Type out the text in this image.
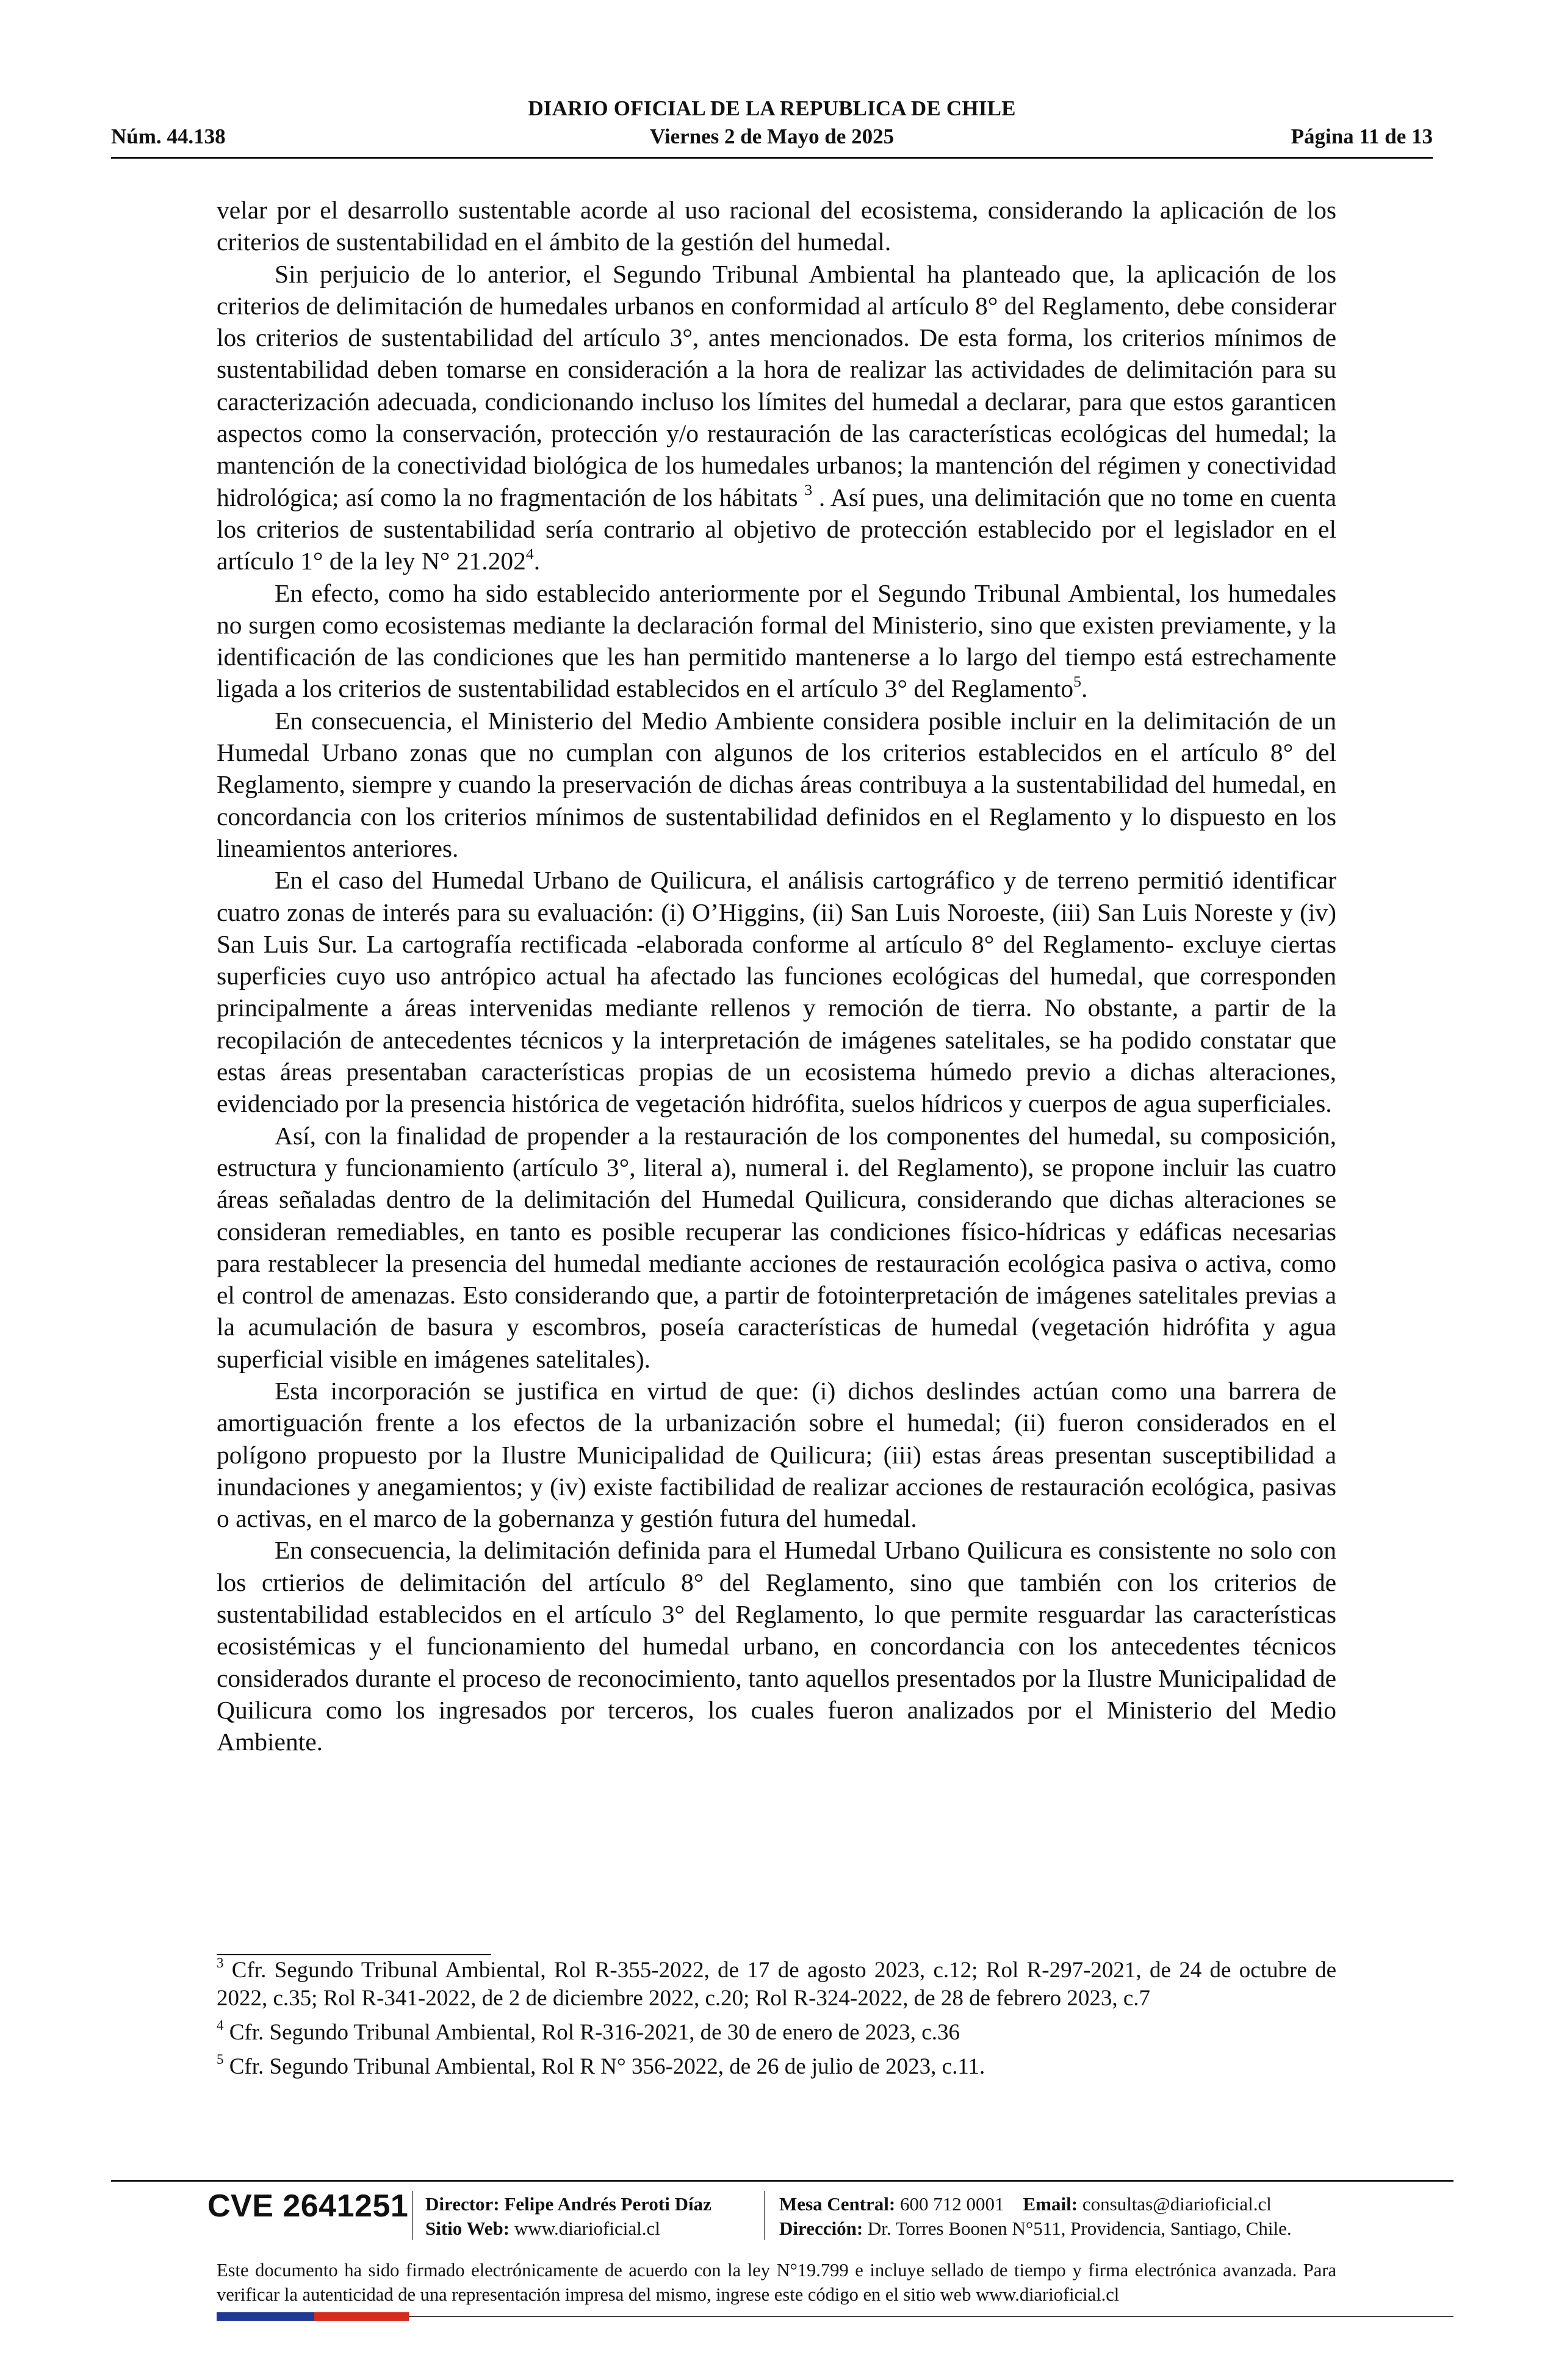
DIARIO OFICIAL DE LA REPUBLICA DE CHILE
Núm. 44.138	Viernes 2 de Mayo de 2025	Página 11 de 13

velar por el desarrollo sustentable acorde al uso racional del ecosistema, considerando la aplicación de los criterios de sustentabilidad en el ámbito de la gestión del humedal.

Sin perjuicio de lo anterior, el Segundo Tribunal Ambiental ha planteado que, la aplicación de los criterios de delimitación de humedales urbanos en conformidad al artículo 8° del Reglamento, debe considerar los criterios de sustentabilidad del artículo 3°, antes mencionados. De esta forma, los criterios mínimos de sustentabilidad deben tomarse en consideración a la hora de realizar las actividades de delimitación para su caracterización adecuada, condicionando incluso los límites del humedal a declarar, para que estos garanticen aspectos como la conservación, protección y/o restauración de las características ecológicas del humedal; la mantención de la conectividad biológica de los humedales urbanos; la mantención del régimen y conectividad hidrológica; así como la no fragmentación de los hábitats $^3$ . Así pues, una delimitación que no tome en cuenta los criterios de sustentabilidad sería contrario al objetivo de protección establecido por el legislador en el artículo 1° de la ley N° 21.202$^4$.

En efecto, como ha sido establecido anteriormente por el Segundo Tribunal Ambiental, los humedales no surgen como ecosistemas mediante la declaración formal del Ministerio, sino que existen previamente, y la identificación de las condiciones que les han permitido mantenerse a lo largo del tiempo está estrechamente ligada a los criterios de sustentabilidad establecidos en el artículo 3° del Reglamento$^5$.

En consecuencia, el Ministerio del Medio Ambiente considera posible incluir en la delimitación de un Humedal Urbano zonas que no cumplan con algunos de los criterios establecidos en el artículo 8° del Reglamento, siempre y cuando la preservación de dichas áreas contribuya a la sustentabilidad del humedal, en concordancia con los criterios mínimos de sustentabilidad definidos en el Reglamento y lo dispuesto en los lineamientos anteriores.

En el caso del Humedal Urbano de Quilicura, el análisis cartográfico y de terreno permitió identificar cuatro zonas de interés para su evaluación: (i) O’Higgins, (ii) San Luis Noroeste, (iii) San Luis Noreste y (iv) San Luis Sur. La cartografía rectificada -elaborada conforme al artículo 8° del Reglamento- excluye ciertas superficies cuyo uso antrópico actual ha afectado las funciones ecológicas del humedal, que corresponden principalmente a áreas intervenidas mediante rellenos y remoción de tierra. No obstante, a partir de la recopilación de antecedentes técnicos y la interpretación de imágenes satelitales, se ha podido constatar que estas áreas presentaban características propias de un ecosistema húmedo previo a dichas alteraciones, evidenciado por la presencia histórica de vegetación hidrófita, suelos hídricos y cuerpos de agua superficiales.

Así, con la finalidad de propender a la restauración de los componentes del humedal, su composición, estructura y funcionamiento (artículo 3°, literal a), numeral i. del Reglamento), se propone incluir las cuatro áreas señaladas dentro de la delimitación del Humedal Quilicura, considerando que dichas alteraciones se consideran remediables, en tanto es posible recuperar las condiciones físico-hídricas y edáficas necesarias para restablecer la presencia del humedal mediante acciones de restauración ecológica pasiva o activa, como el control de amenazas. Esto considerando que, a partir de fotointerpretación de imágenes satelitales previas a la acumulación de basura y escombros, poseía características de humedal (vegetación hidrófita y agua superficial visible en imágenes satelitales).

Esta incorporación se justifica en virtud de que: (i) dichos deslindes actúan como una barrera de amortiguación frente a los efectos de la urbanización sobre el humedal; (ii) fueron considerados en el polígono propuesto por la Ilustre Municipalidad de Quilicura; (iii) estas áreas presentan susceptibilidad a inundaciones y anegamientos; y (iv) existe factibilidad de realizar acciones de restauración ecológica, pasivas o activas, en el marco de la gobernanza y gestión futura del humedal.

En consecuencia, la delimitación definida para el Humedal Urbano Quilicura es consistente no solo con los crtierios de delimitación del artículo 8° del Reglamento, sino que también con los criterios de sustentabilidad establecidos en el artículo 3° del Reglamento, lo que permite resguardar las características ecosistémicas y el funcionamiento del humedal urbano, en concordancia con los antecedentes técnicos considerados durante el proceso de reconocimiento, tanto aquellos presentados por la Ilustre Municipalidad de Quilicura como los ingresados por terceros, los cuales fueron analizados por el Ministerio del Medio Ambiente.

$^3$ Cfr. Segundo Tribunal Ambiental, Rol R-355-2022, de 17 de agosto 2023, c.12; Rol R-297-2021, de 24 de octubre de 2022, c.35; Rol R-341-2022, de 2 de diciembre 2022, c.20; Rol R-324-2022, de 28 de febrero 2023, c.7

$^4$ Cfr. Segundo Tribunal Ambiental, Rol R-316-2021, de 30 de enero de 2023, c.36

$^5$ Cfr. Segundo Tribunal Ambiental, Rol R N° 356-2022, de 26 de julio de 2023, c.11.

CVE 2641251 Director: Felipe Andrés Peroti Díaz
Sitio Web: www.diarioficial.cl
Mesa Central: 600 712 0001 Email: consultas@diarioficial.cl
Dirección: Dr. Torres Boonen N°511, Providencia, Santiago, Chile.
Este documento ha sido firmado electrónicamente de acuerdo con la ley N°19.799 e incluye sellado de tiempo y firma electrónica avanzada. Para verificar la autenticidad de una representación impresa del mismo, ingrese este código en el sitio web www.diarioficial.cl
